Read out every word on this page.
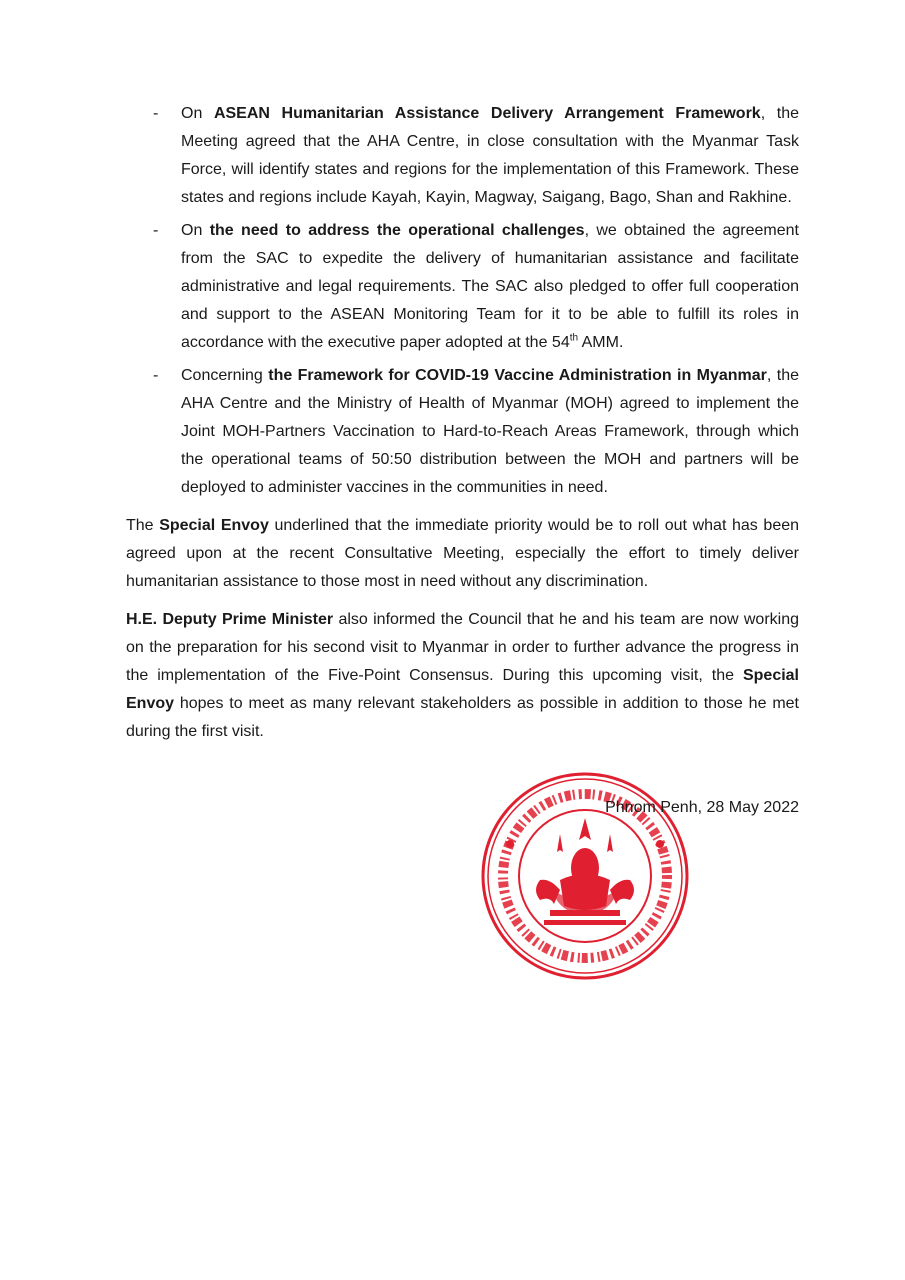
- On ASEAN Humanitarian Assistance Delivery Arrangement Framework, the Meeting agreed that the AHA Centre, in close consultation with the Myanmar Task Force, will identify states and regions for the implementation of this Framework. These states and regions include Kayah, Kayin, Magway, Saigang, Bago, Shan and Rakhine.
- On the need to address the operational challenges, we obtained the agreement from the SAC to expedite the delivery of humanitarian assistance and facilitate administrative and legal requirements. The SAC also pledged to offer full cooperation and support to the ASEAN Monitoring Team for it to be able to fulfill its roles in accordance with the executive paper adopted at the 54th AMM.
- Concerning the Framework for COVID-19 Vaccine Administration in Myanmar, the AHA Centre and the Ministry of Health of Myanmar (MOH) agreed to implement the Joint MOH-Partners Vaccination to Hard-to-Reach Areas Framework, through which the operational teams of 50:50 distribution between the MOH and partners will be deployed to administer vaccines in the communities in need.

The Special Envoy underlined that the immediate priority would be to roll out what has been agreed upon at the recent Consultative Meeting, especially the effort to timely deliver humanitarian assistance to those most in need without any discrimination.

H.E. Deputy Prime Minister also informed the Council that he and his team are now working on the preparation for his second visit to Myanmar in order to further advance the progress in the implementation of the Five-Point Consensus. During this upcoming visit, the Special Envoy hopes to meet as many relevant stakeholders as possible in addition to those he met during the first visit.

Phnom Penh, 28 May 2022
